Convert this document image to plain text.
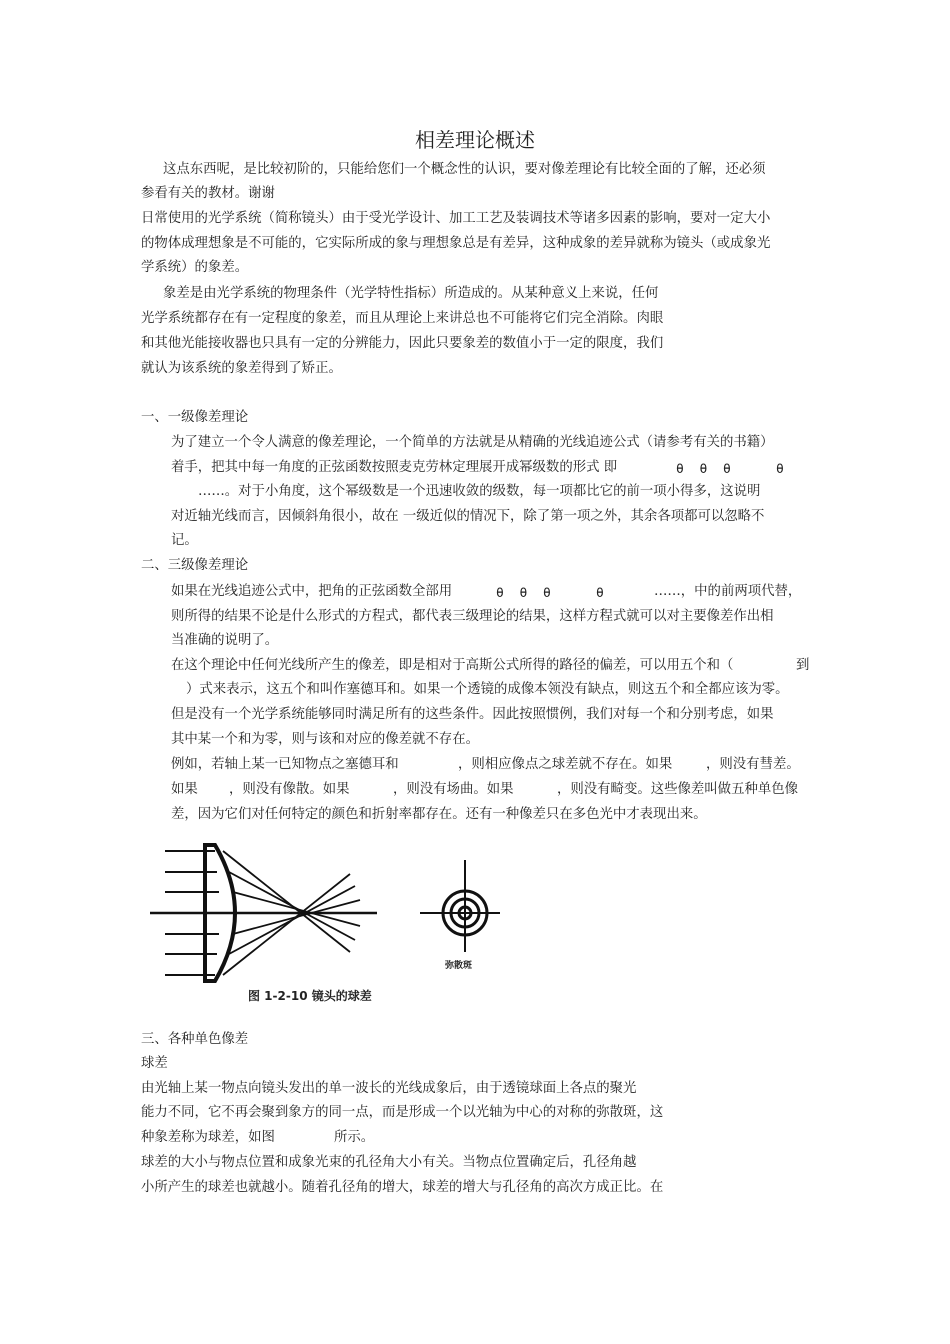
相差理论概述
这点东西呢，是比较初阶的，只能给您们一个概念性的认识，要对像差理论有比较全面的了解，还必须
参看有关的教材。谢谢
日常使用的光学系统（简称镜头）由于受光学设计、加工工艺及装调技术等诸多因素的影响，要对一定大小
的物体成理想象是不可能的，它实际所成的象与理想象总是有差异，这种成象的差异就称为镜头（或成象光
学系统）的象差。
象差是由光学系统的物理条件（光学特性指标）所造成的。从某种意义上来说，任何
光学系统都存在有一定程度的象差，而且从理论上来讲总也不可能将它们完全消除。肉眼
和其他光能接收器也只具有一定的分辨能力，因此只要象差的数值小于一定的限度，我们
就认为该系统的象差得到了矫正。
一、一级像差理论
为了建立一个令人满意的像差理论，一个简单的方法就是从精确的光线追迹公式（请参考有关的书籍）
着手，把其中每一角度的正弦函数按照麦克劳林定理展开成幂级数的形式 即
……。对于小角度，这个幂级数是一个迅速收敛的级数，每一项都比它的前一项小得多，这说明
对近轴光线而言，因倾斜角很小，故在 一级近似的情况下，除了第一项之外，其余各项都可以忽略不
记。
二、三级像差理论
如果在光线追迹公式中，把角的正弦函数全部用	……，中的前两项代替，
则所得的结果不论是什么形式的方程式，都代表三级理论的结果，这样方程式就可以对主要像差作出相
当准确的说明了。
在这个理论中任何光线所产生的像差，即是相对于高斯公式所得的路径的偏差，可以用五个和（	到
）式来表示，这五个和叫作塞德耳和。如果一个透镜的成像本领没有缺点，则这五个和全都应该为零。
但是没有一个光学系统能够同时满足所有的这些条件。因此按照惯例，我们对每一个和分别考虑，如果
其中某一个和为零，则与该和对应的像差就不存在。
例如，若轴上某一已知物点之塞德耳和	，则相应像点之球差就不存在。如果	，则没有彗差。
如果 ，则没有像散。如果	，则没有场曲。如果	，则没有畸变。这些像差叫做五种单色像
差，因为它们对任何特定的颜色和折射率都存在。还有一种像差只在多色光中才表现出来。
三、各种单色像差
球差
由光轴上某一物点向镜头发出的单一波长的光线成象后，由于透镜球面上各点的聚光
能力不同，它不再会聚到象方的同一点，而是形成一个以光轴为中心的对称的弥散斑，这
种象差称为球差，如图	所示。
球差的大小与物点位置和成象光束的孔径角大小有关。当物点位置确定后，孔径角越
小所产生的球差也就越小。随着孔径角的增大，球差的增大与孔径角的高次方成正比。在
θ  θ  θ	θ
θ  θ  θ	θ
弥散斑
图 1-2-10 镜头的球差
